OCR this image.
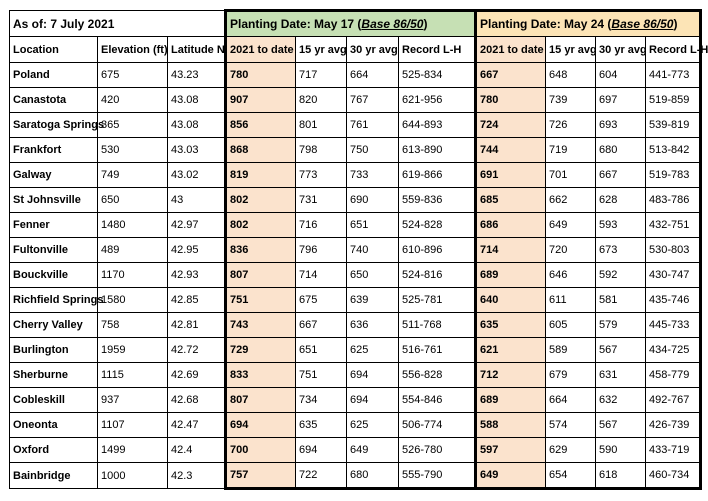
As of: 7 July 2021			Planting Date: May 17 (Base 86/50)				Planting Date: May 24 (Base 86/50)			
Location	Elevation (ft)	Latitude N	2021 to date	15 yr avg	30 yr avg	Record L-H	2021 to date	15 yr avg	30 yr avg	Record L-H
Poland	675	43.23	780	717	664	525-834	667	648	604	441-773
Canastota	420	43.08	907	820	767	621-956	780	739	697	519-859
Saratoga Springs	365	43.08	856	801	761	644-893	724	726	693	539-819
Frankfort	530	43.03	868	798	750	613-890	744	719	680	513-842
Galway	749	43.02	819	773	733	619-866	691	701	667	519-783
St Johnsville	650	43	802	731	690	559-836	685	662	628	483-786
Fenner	1480	42.97	802	716	651	524-828	686	649	593	432-751
Fultonville	489	42.95	836	796	740	610-896	714	720	673	530-803
Bouckville	1170	42.93	807	714	650	524-816	689	646	592	430-747
Richfield Springs	1580	42.85	751	675	639	525-781	640	611	581	435-746
Cherry Valley	758	42.81	743	667	636	511-768	635	605	579	445-733
Burlington	1959	42.72	729	651	625	516-761	621	589	567	434-725
Sherburne	1115	42.69	833	751	694	556-828	712	679	631	458-779
Cobleskill	937	42.68	807	734	694	554-846	689	664	632	492-767
Oneonta	1107	42.47	694	635	625	506-774	588	574	567	426-739
Oxford	1499	42.4	700	694	649	526-780	597	629	590	433-719
Bainbridge	1000	42.3	757	722	680	555-790	649	654	618	460-734
